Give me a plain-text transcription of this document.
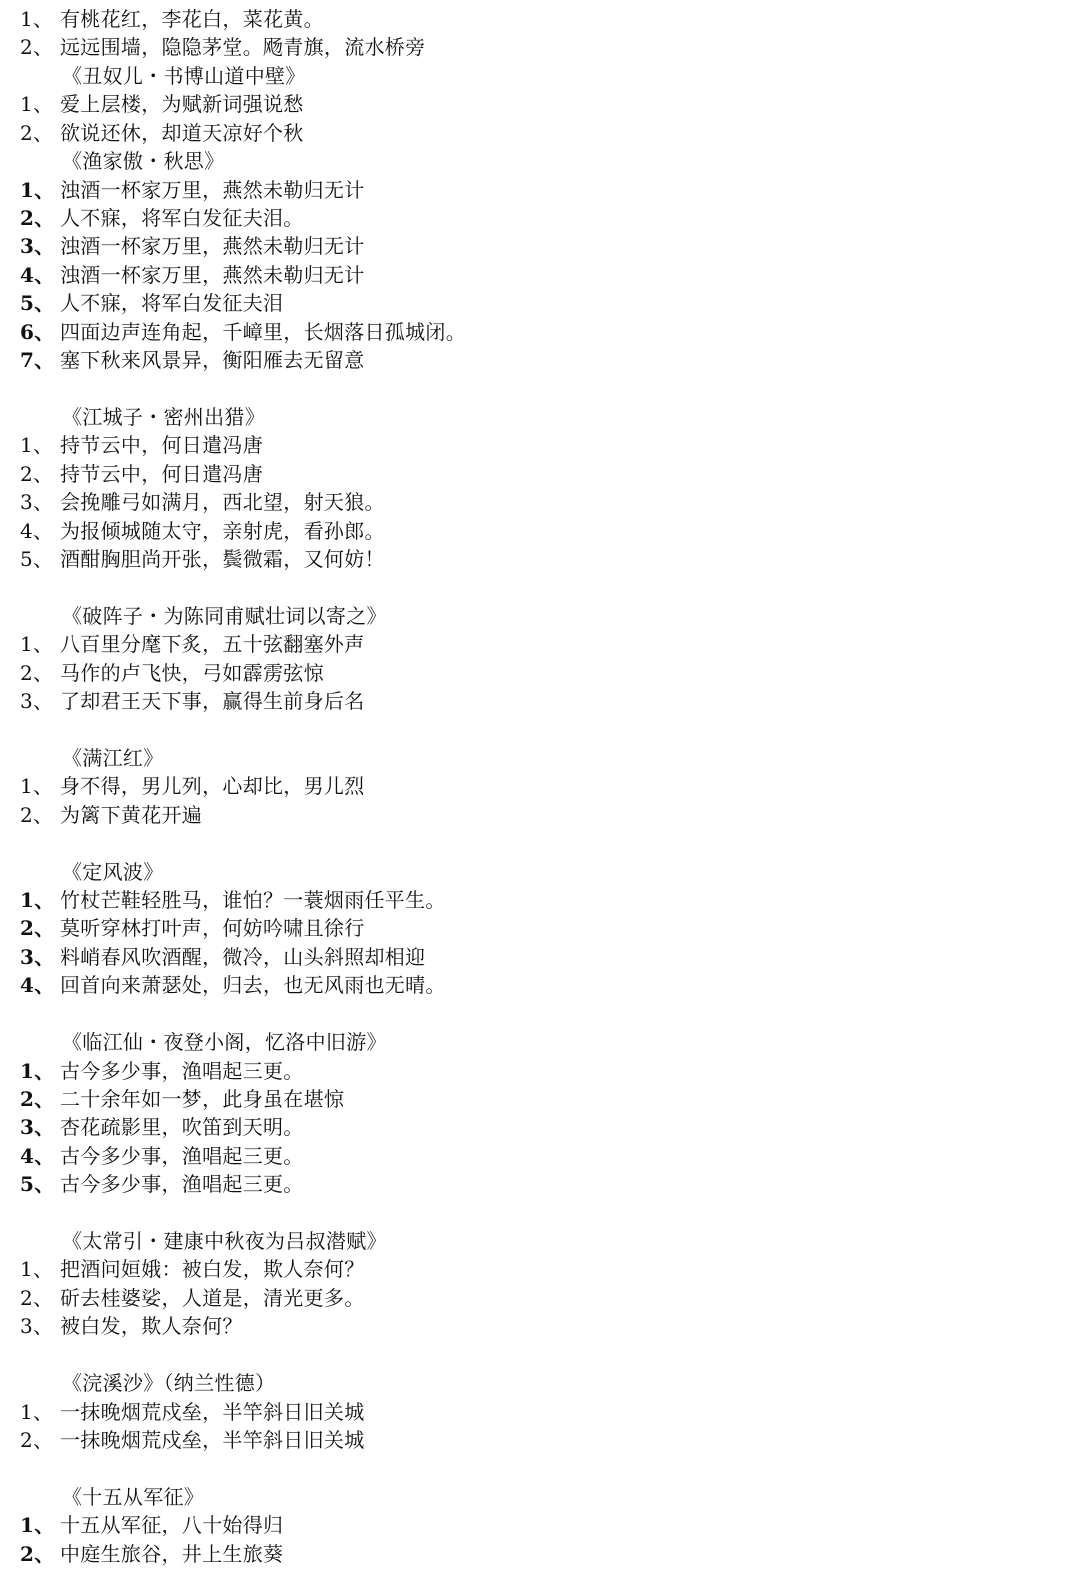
1、 有桃花红，李花白，菜花黄。
2、 远远围墙，隐隐茅堂。飏青旗，流水桥旁
《丑奴儿・书博山道中壁》
1、 爱上层楼，为赋新词强说愁
2、 欲说还休，却道天凉好个秋
《渔家傲・秋思》
1、 浊酒一杯家万里，燕然未勒归无计
2、 人不寐，将军白发征夫泪。
3、 浊酒一杯家万里，燕然未勒归无计
4、 浊酒一杯家万里，燕然未勒归无计
5、 人不寐，将军白发征夫泪
6、 四面边声连角起，千嶂里，长烟落日孤城闭。
7、 塞下秋来风景异，衡阳雁去无留意
《江城子・密州出猎》
1、 持节云中，何日遣冯唐
2、 持节云中，何日遣冯唐
3、 会挽雕弓如满月，西北望，射天狼。
4、 为报倾城随太守，亲射虎，看孙郎。
5、 酒酣胸胆尚开张，鬓微霜，又何妨！
《破阵子・为陈同甫赋壮词以寄之》
1、 八百里分麾下炙，五十弦翻塞外声
2、 马作的卢飞快，弓如霹雳弦惊
3、 了却君王天下事，赢得生前身后名
《满江红》
1、 身不得，男儿列，心却比，男儿烈
2、 为篱下黄花开遍
《定风波》
1、 竹杖芒鞋轻胜马，谁怕？一蓑烟雨任平生。
2、 莫听穿林打叶声，何妨吟啸且徐行
3、 料峭春风吹酒醒，微冷，山头斜照却相迎
4、 回首向来萧瑟处，归去，也无风雨也无晴。
《临江仙・夜登小阁，忆洛中旧游》
1、 古今多少事，渔唱起三更。
2、 二十余年如一梦，此身虽在堪惊
3、 杏花疏影里，吹笛到天明。
4、 古今多少事，渔唱起三更。
5、 古今多少事，渔唱起三更。
《太常引・建康中秋夜为吕叔潜赋》
1、 把酒问姮娥：被白发，欺人奈何？
2、 斫去桂婆娑，人道是，清光更多。
3、 被白发，欺人奈何？
《浣溪沙》（纳兰性德）
1、 一抹晚烟荒戍垒，半竿斜日旧关城
2、 一抹晚烟荒戍垒，半竿斜日旧关城
《十五从军征》
1、 十五从军征，八十始得归
2、 中庭生旅谷，井上生旅葵
